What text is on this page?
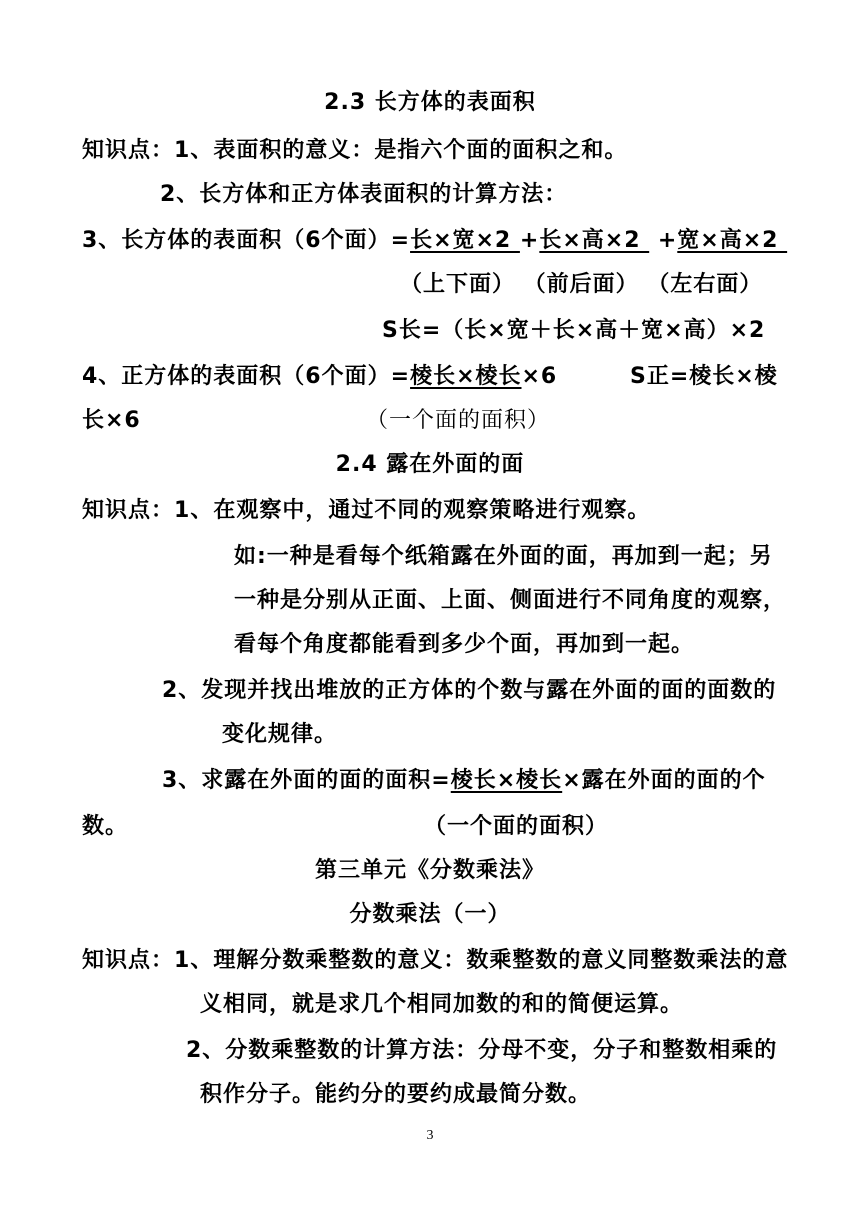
2.3 长方体的表面积
知识点：1、表面积的意义：是指六个面的面积之和。
2、长方体和正方体表面积的计算方法：
3、长方体的表面积（6个面）=长×宽×2 +长×高×2  +宽×高×2
（上下面） （前后面） （左右面）
S长=（长×宽＋长×高＋宽×高）×2
4、正方体的表面积（6个面）=棱长×棱长×6	S正=棱长×棱
长×6	（一个面的面积）
2.4 露在外面的面
知识点：1、在观察中，通过不同的观察策略进行观察。
如:一种是看每个纸箱露在外面的面，再加到一起；另
一种是分别从正面、上面、侧面进行不同角度的观察，
看每个角度都能看到多少个面，再加到一起。
2、发现并找出堆放的正方体的个数与露在外面的面的面数的
变化规律。
3、求露在外面的面的面积=棱长×棱长×露在外面的面的个
数。	（一个面的面积）
第三单元《分数乘法》
分数乘法（一）
知识点：1、理解分数乘整数的意义：数乘整数的意义同整数乘法的意
义相同，就是求几个相同加数的和的简便运算。
2、分数乘整数的计算方法：分母不变，分子和整数相乘的
积作分子。能约分的要约成最简分数。
3
